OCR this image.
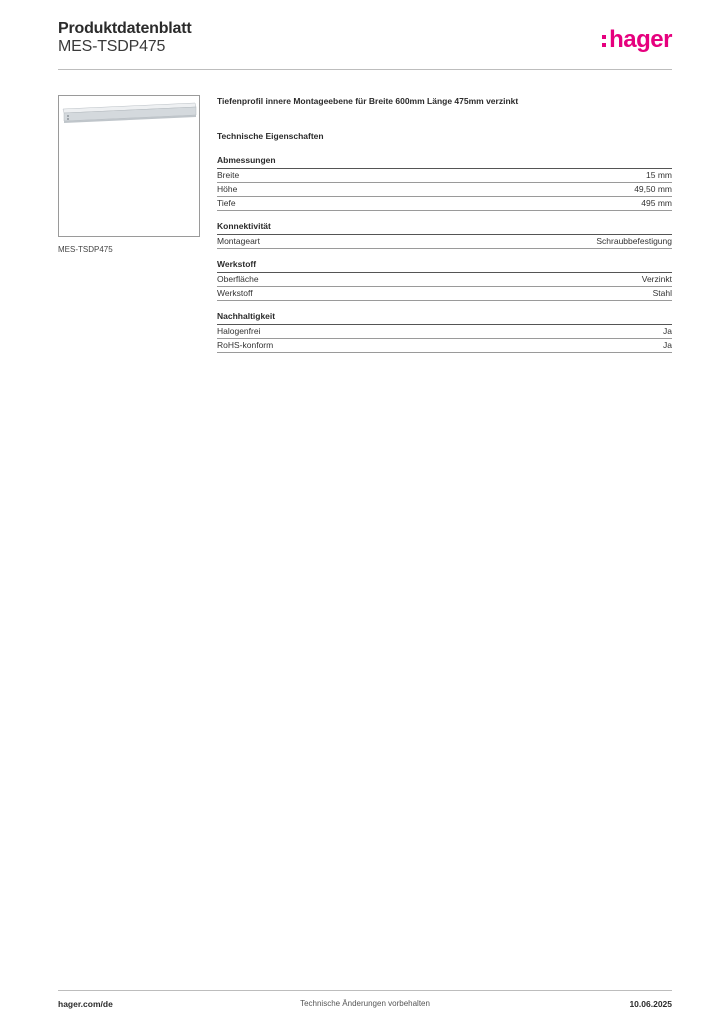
Produktdatenblatt
MES-TSDP475	hager
MES-TSDP475
Tiefenprofil innere Montageebene für Breite 600mm Länge 475mm verzinkt
Technische Eigenschaften
Abmessungen
Breite	15 mm
Höhe	49,50 mm
Tiefe	495 mm
Konnektivität
Montageart	Schraubbefestigung
Werkstoff
Oberfläche	Verzinkt
Werkstoff	Stahl
Nachhaltigkeit
Halogenfrei	Ja
RoHS-konform	Ja
hager.com/de	Technische Änderungen vorbehalten	10.06.2025
